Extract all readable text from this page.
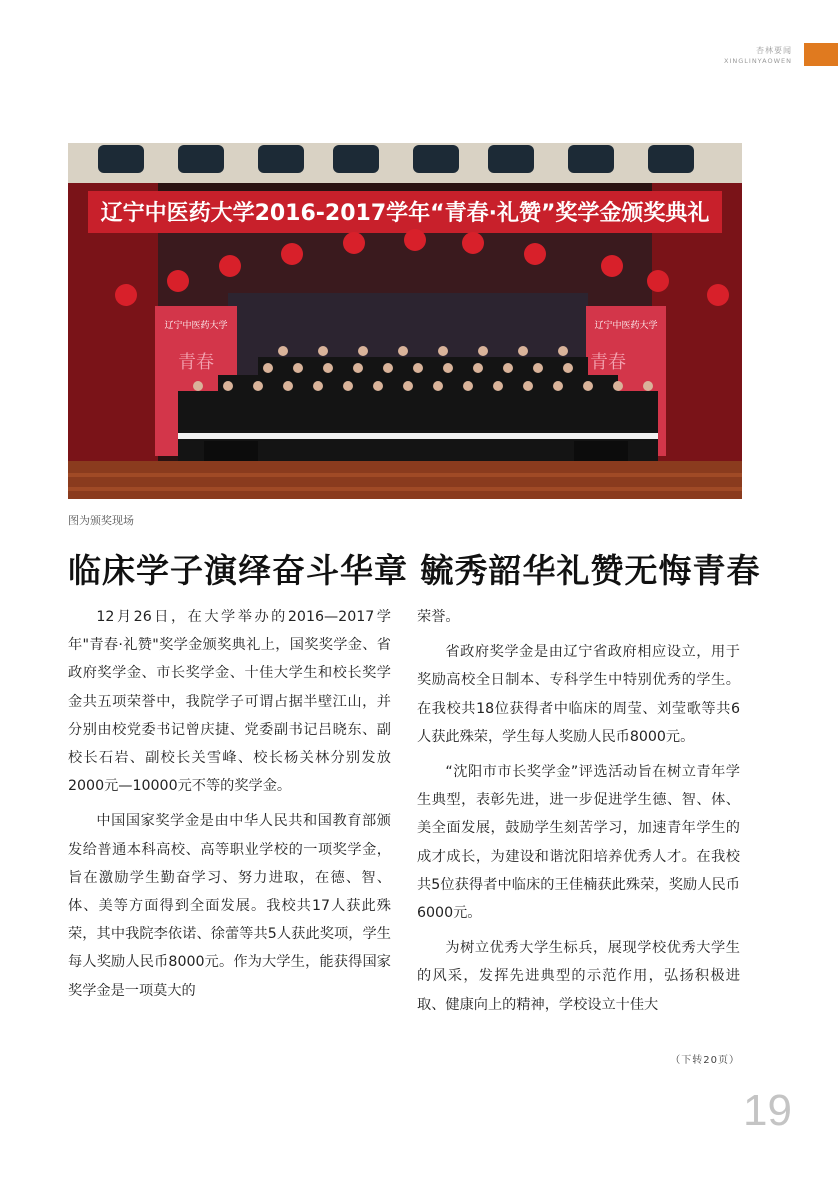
杏林要闻
XINGLINYAOWEN
辽宁中医药大学2016-2017学年“青春·礼赞”奖学金颁奖典礼
辽宁中医药大学	辽宁中医药大学
青春	青春
图为颁奖现场
临床学子演绎奋斗华章 毓秀韶华礼赞无悔青春

12月26日，在大学举办的2016—2017学年"青春·礼赞"奖学金颁奖典礼上，国奖奖学金、省政府奖学金、市长奖学金、十佳大学生和校长奖学金共五项荣誉中，我院学子可谓占据半壁江山，并分别由校党委书记曾庆捷、党委副书记吕晓东、副校长石岩、副校长关雪峰、校长杨关林分别发放2000元—10000元不等的奖学金。

中国国家奖学金是由中华人民共和国教育部颁发给普通本科高校、高等职业学校的一项奖学金，旨在激励学生勤奋学习、努力进取，在德、智、体、美等方面得到全面发展。我校共17人获此殊荣，其中我院李依诺、徐蕾等共5人获此奖项，学生每人奖励人民币8000元。作为大学生，能获得国家奖学金是一项莫大的

荣誉。

省政府奖学金是由辽宁省政府相应设立，用于奖励高校全日制本、专科学生中特别优秀的学生。在我校共18位获得者中临床的周莹、刘莹歌等共6人获此殊荣，学生每人奖励人民币8000元。

“沈阳市市长奖学金”评选活动旨在树立青年学生典型，表彰先进，进一步促进学生德、智、体、美全面发展，鼓励学生刻苦学习，加速青年学生的成才成长，为建设和谐沈阳培养优秀人才。在我校共5位获得者中临床的王佳楠获此殊荣，奖励人民币6000元。

为树立优秀大学生标兵，展现学校优秀大学生的风采，发挥先进典型的示范作用，弘扬积极进取、健康向上的精神，学校设立十佳大

（下转20页）
19
